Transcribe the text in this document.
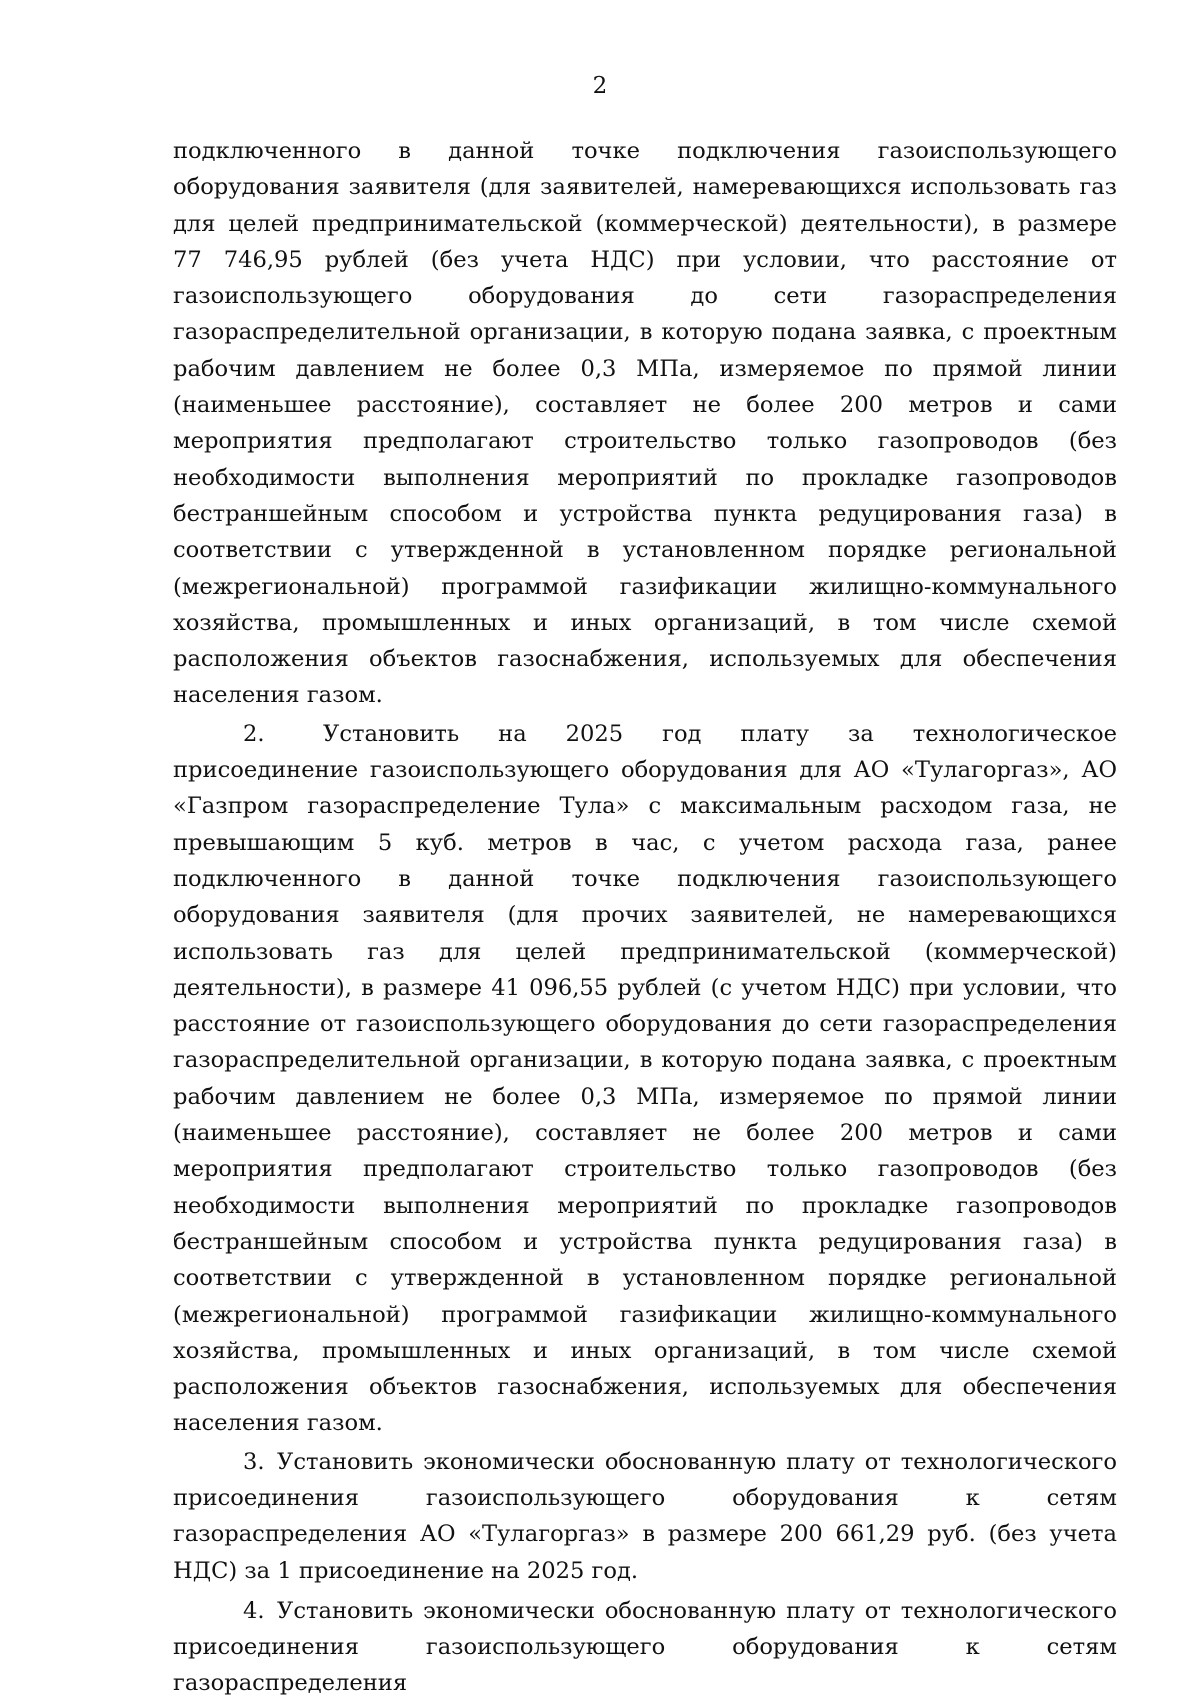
2

подключенного в данной точке подключения газоиспользующего оборудования заявителя (для заявителей, намеревающихся использовать газ для целей предпринимательской (коммерческой) деятельности), в размере 77 746,95 рублей (без учета НДС) при условии, что расстояние от газоиспользующего оборудования до сети газораспределения газораспределительной организации, в которую подана заявка, с проектным рабочим давлением не более 0,3 МПа, измеряемое по прямой линии (наименьшее расстояние), составляет не более 200 метров и сами мероприятия предполагают строительство только газопроводов (без необходимости выполнения мероприятий по прокладке газопроводов бестраншейным способом и устройства пункта редуцирования газа) в соответствии с утвержденной в установленном порядке региональной (межрегиональной) программой газификации жилищно-коммунального хозяйства, промышленных и иных организаций, в том числе схемой расположения объектов газоснабжения, используемых для обеспечения населения газом.

2.	Установить на 2025 год плату за технологическое присоединение газоиспользующего оборудования для АО «Тулагоргаз», АО «Газпром газораспределение Тула» с максимальным расходом газа, не превышающим 5 куб. метров в час, с учетом расхода газа, ранее подключенного в данной точке подключения газоиспользующего оборудования заявителя (для прочих заявителей, не намеревающихся использовать газ для целей предпринимательской (коммерческой) деятельности), в размере 41 096,55 рублей (с учетом НДС) при условии, что расстояние от газоиспользующего оборудования до сети газораспределения газораспределительной организации, в которую подана заявка, с проектным рабочим давлением не более 0,3 МПа, измеряемое по прямой линии (наименьшее расстояние), составляет не более 200 метров и сами мероприятия предполагают строительство только газопроводов (без необходимости выполнения мероприятий по прокладке газопроводов бестраншейным способом и устройства пункта редуцирования газа) в соответствии с утвержденной в установленном порядке региональной (межрегиональной) программой газификации жилищно-коммунального хозяйства, промышленных и иных организаций, в том числе схемой расположения объектов газоснабжения, используемых для обеспечения населения газом.

3. Установить экономически обоснованную плату от технологического присоединения газоиспользующего оборудования к сетям газораспределения АО «Тулагоргаз» в размере 200 661,29 руб. (без учета НДС) за 1 присоединение на 2025 год.

4. Установить экономически обоснованную плату от технологического присоединения газоиспользующего оборудования к сетям газораспределения
